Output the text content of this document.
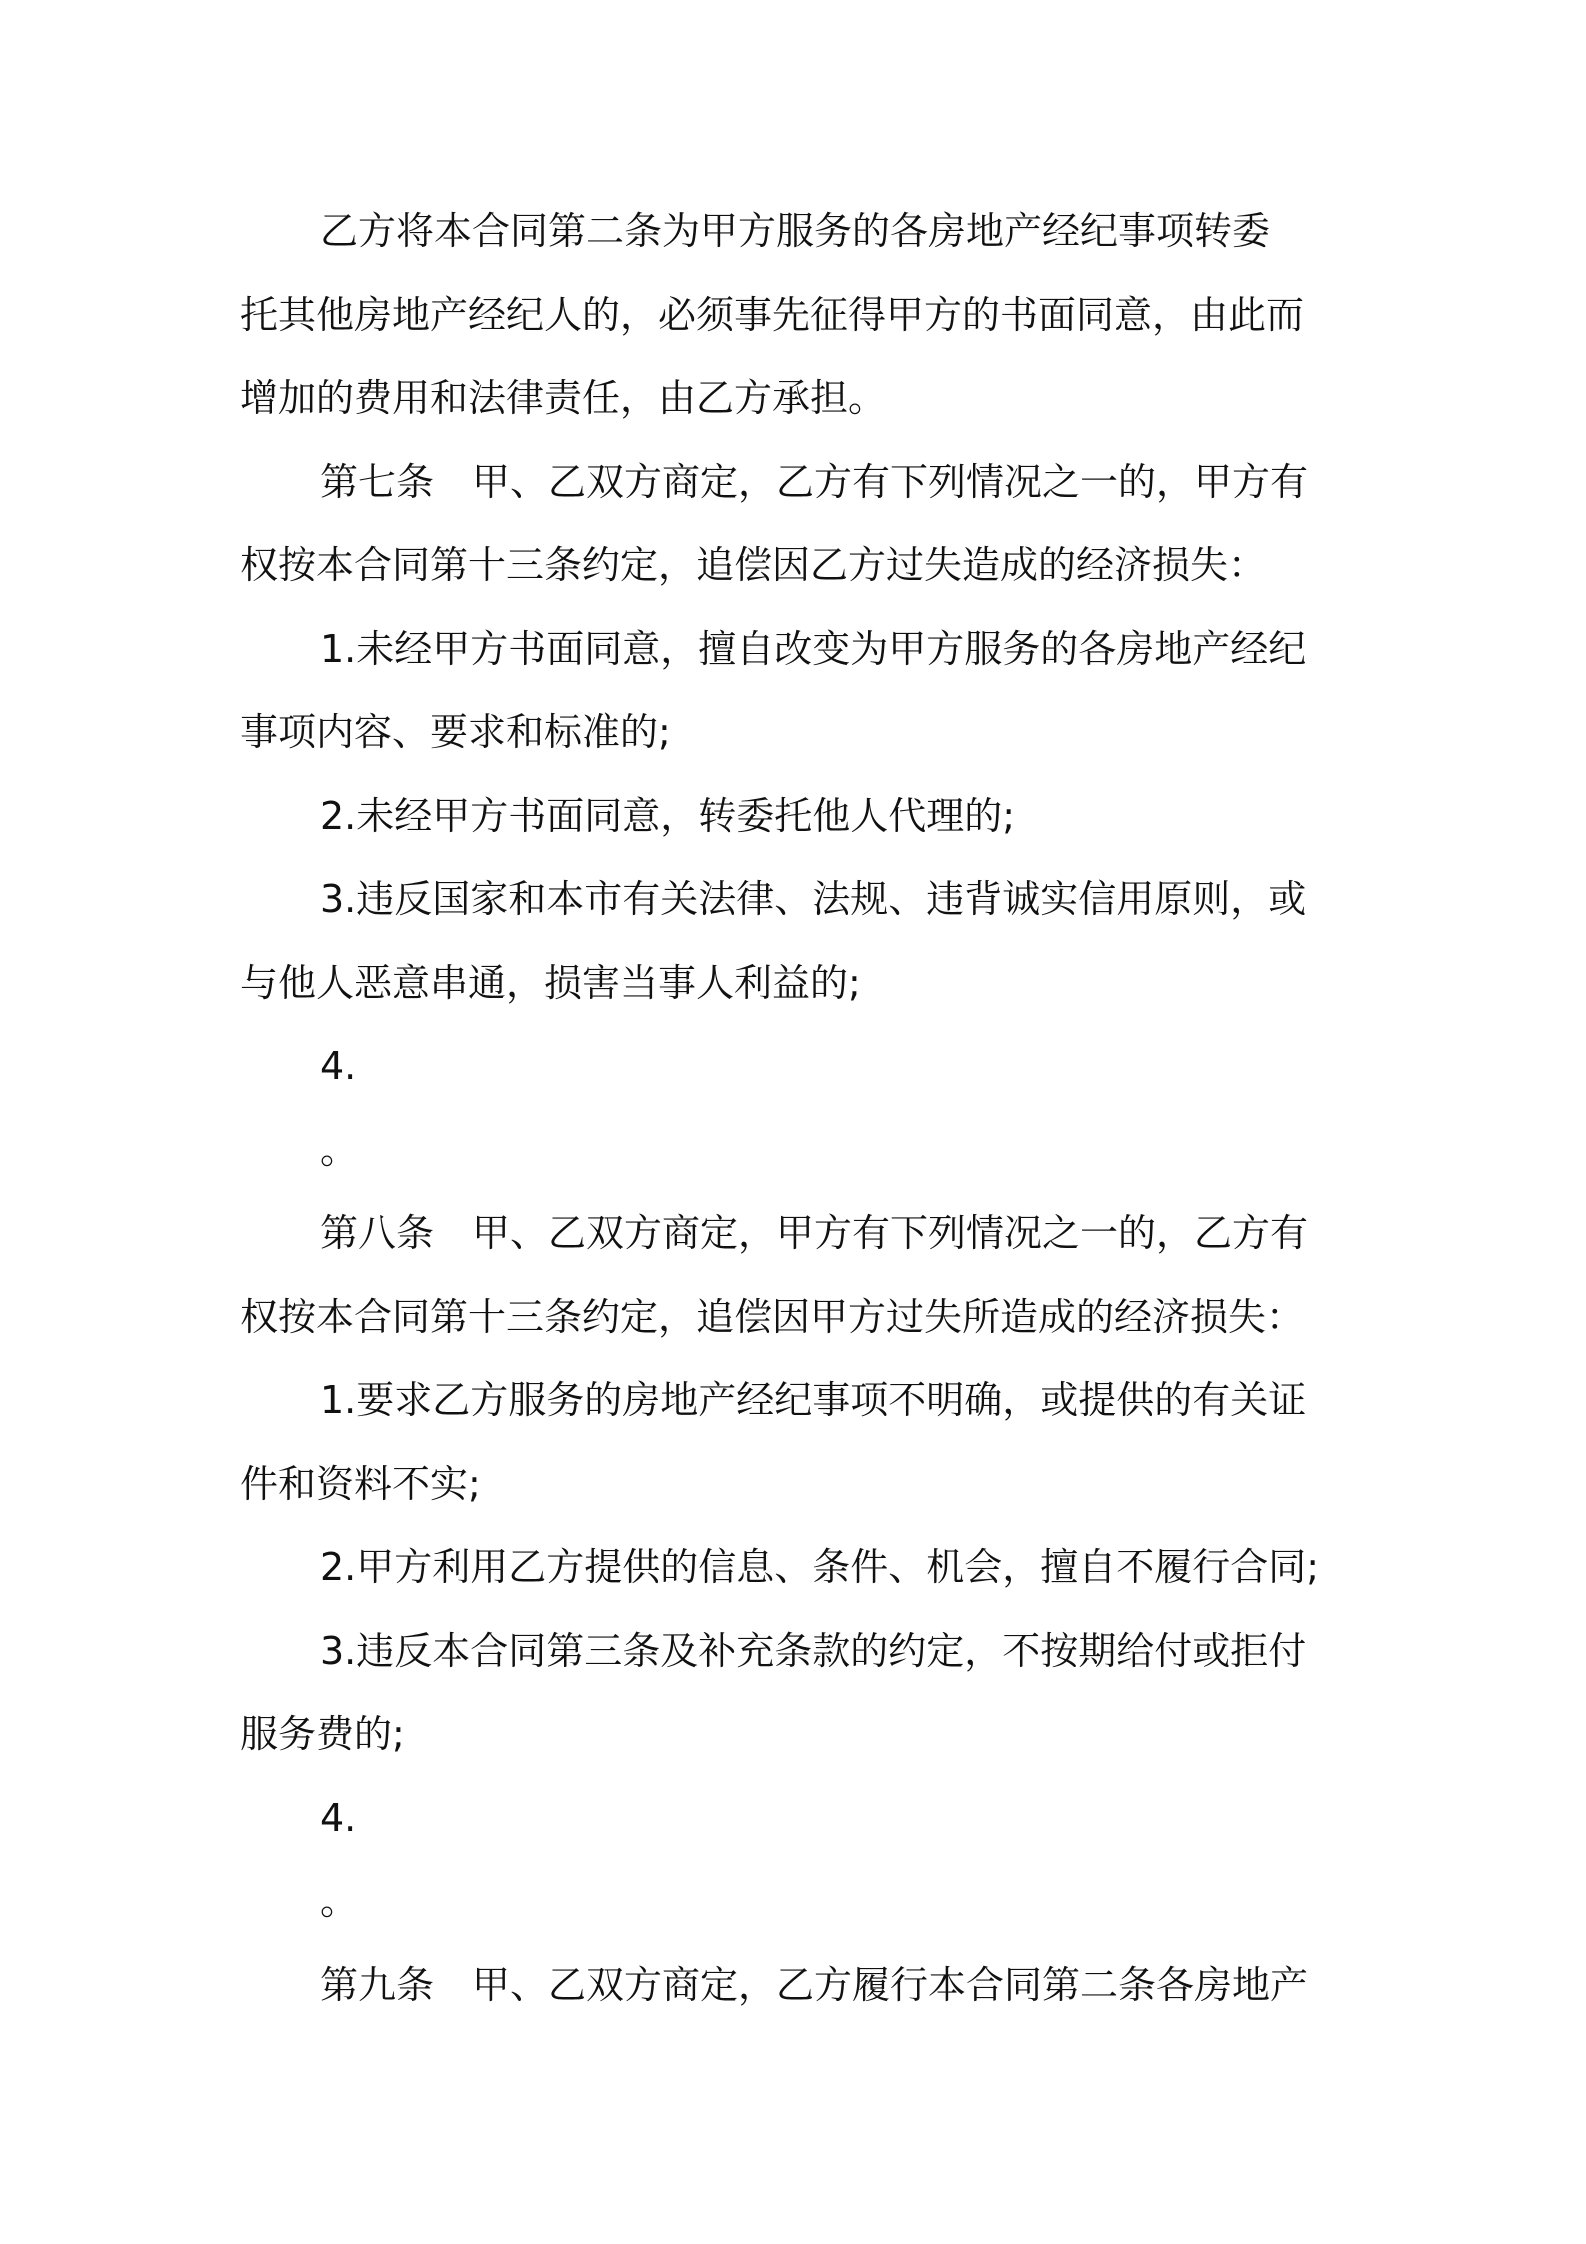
乙方将本合同第二条为甲方服务的各房地产经纪事项转委
托其他房地产经纪人的，必须事先征得甲方的书面同意，由此而
增加的费用和法律责任，由乙方承担。

第七条　甲、乙双方商定，乙方有下列情况之一的，甲方有
权按本合同第十三条约定，追偿因乙方过失造成的经济损失：

1.未经甲方书面同意，擅自改变为甲方服务的各房地产经纪
事项内容、要求和标准的;

2.未经甲方书面同意，转委托他人代理的;

3.违反国家和本市有关法律、法规、违背诚实信用原则，或
与他人恶意串通，损害当事人利益的;

4.

。

第八条　甲、乙双方商定，甲方有下列情况之一的，乙方有
权按本合同第十三条约定，追偿因甲方过失所造成的经济损失：

1.要求乙方服务的房地产经纪事项不明确，或提供的有关证
件和资料不实;

2.甲方利用乙方提供的信息、条件、机会，擅自不履行合同;

3.违反本合同第三条及补充条款的约定，不按期给付或拒付
服务费的;

4.

。

第九条　甲、乙双方商定，乙方履行本合同第二条各房地产
